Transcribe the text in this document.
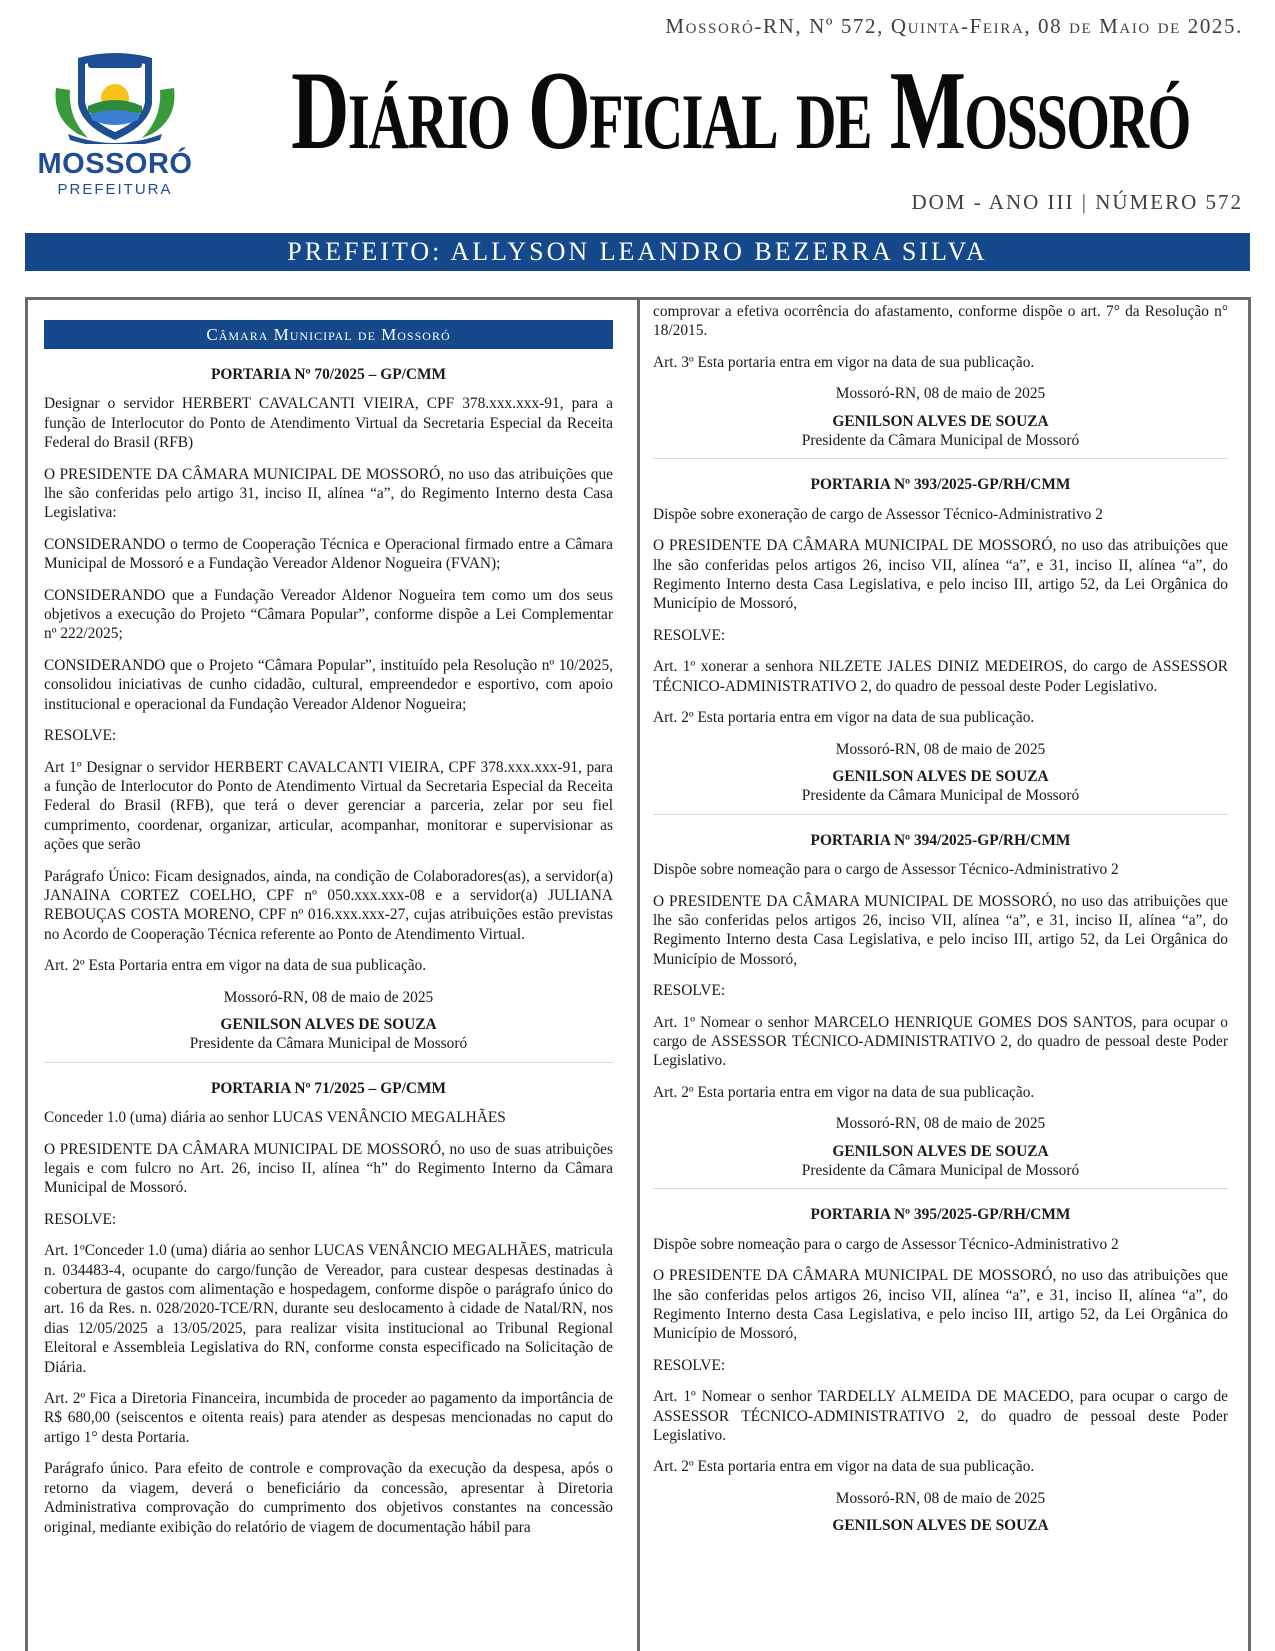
Mossoró-RN, Nº 572, Quinta-Feira, 08 de Maio de 2025.
MOSSORÓ
PREFEITURA
Diário Oficial de Mossoró
DOM - ANO III | NÚMERO 572
PREFEITO: ALLYSON LEANDRO BEZERRA SILVA
Câmara Municipal de Mossoró
PORTARIA Nº 70/2025 – GP/CMM
Designar o servidor HERBERT CAVALCANTI VIEIRA, CPF 378.xxx.xxx-91, para a função de Interlocutor do Ponto de Atendimento Virtual da Secretaria Especial da Receita Federal do Brasil (RFB)
O PRESIDENTE DA CÂMARA MUNICIPAL DE MOSSORÓ, no uso das atribuições que lhe são conferidas pelo artigo 31, inciso II, alínea “a”, do Regimento Interno desta Casa Legislativa:
CONSIDERANDO o termo de Cooperação Técnica e Operacional firmado entre a Câmara Municipal de Mossoró e a Fundação Vereador Aldenor Nogueira (FVAN);
CONSIDERANDO que a Fundação Vereador Aldenor Nogueira tem como um dos seus objetivos a execução do Projeto “Câmara Popular”, conforme dispõe a Lei Complementar nº 222/2025;
CONSIDERANDO que o Projeto “Câmara Popular”, instituído pela Resolução nº 10/2025, consolidou iniciativas de cunho cidadão, cultural, empreendedor e esportivo, com apoio institucional e operacional da Fundação Vereador Aldenor Nogueira;
RESOLVE:
Art 1º Designar o servidor HERBERT CAVALCANTI VIEIRA, CPF 378.xxx.xxx-91, para a função de Interlocutor do Ponto de Atendimento Virtual da Secretaria Especial da Receita Federal do Brasil (RFB), que terá o dever gerenciar a parceria, zelar por seu fiel cumprimento, coordenar, organizar, articular, acompanhar, monitorar e supervisionar as ações que serão
Parágrafo Único: Ficam designados, ainda, na condição de Colaboradores(as), a servidor(a) JANAINA CORTEZ COELHO, CPF nº 050.xxx.xxx-08 e a servidor(a) JULIANA REBOUÇAS COSTA MORENO, CPF nº 016.xxx.xxx-27, cujas atribuições estão previstas no Acordo de Cooperação Técnica referente ao Ponto de Atendimento Virtual.
Art. 2º Esta Portaria entra em vigor na data de sua publicação.
Mossoró-RN, 08 de maio de 2025
GENILSON ALVES DE SOUZA
Presidente da Câmara Municipal de Mossoró
PORTARIA Nº 71/2025 – GP/CMM
Conceder 1.0 (uma) diária ao senhor LUCAS VENÂNCIO MEGALHÃES
O PRESIDENTE DA CÂMARA MUNICIPAL DE MOSSORÓ, no uso de suas atribuições legais e com fulcro no Art. 26, inciso II, alínea “h” do Regimento Interno da Câmara Municipal de Mossoró.
RESOLVE:
Art. 1ºConceder 1.0 (uma) diária ao senhor LUCAS VENÂNCIO MEGALHÃES, matricula n. 034483-4, ocupante do cargo/função de Vereador, para custear despesas destinadas à cobertura de gastos com alimentação e hospedagem, conforme dispõe o parágrafo único do art. 16 da Res. n. 028/2020-TCE/RN, durante seu deslocamento à cidade de Natal/RN, nos dias 12/05/2025 a 13/05/2025, para realizar visita institucional ao Tribunal Regional Eleitoral e Assembleia Legislativa do RN, conforme consta especificado na Solicitação de Diária.
Art. 2º Fica a Diretoria Financeira, incumbida de proceder ao pagamento da importância de R$ 680,00 (seiscentos e oitenta reais) para atender as despesas mencionadas no caput do artigo 1° desta Portaria.
Parágrafo único. Para efeito de controle e comprovação da execução da despesa, após o retorno da viagem, deverá o beneficiário da concessão, apresentar à Diretoria Administrativa comprovação do cumprimento dos objetivos constantes na concessão original, mediante exibição do relatório de viagem de documentação hábil para
comprovar a efetiva ocorrência do afastamento, conforme dispõe o art. 7° da Resolução n° 18/2015.
Art. 3º Esta portaria entra em vigor na data de sua publicação.
Mossoró-RN, 08 de maio de 2025
GENILSON ALVES DE SOUZA
Presidente da Câmara Municipal de Mossoró
PORTARIA Nº 393/2025-GP/RH/CMM
Dispõe sobre exoneração de cargo de Assessor Técnico-Administrativo 2
O PRESIDENTE DA CÂMARA MUNICIPAL DE MOSSORÓ, no uso das atribuições que lhe são conferidas pelos artigos 26, inciso VII, alínea “a”, e 31, inciso II, alínea “a”, do Regimento Interno desta Casa Legislativa, e pelo inciso III, artigo 52, da Lei Orgânica do Município de Mossoró,
RESOLVE:
Art. 1º xonerar a senhora NILZETE JALES DINIZ MEDEIROS, do cargo de ASSESSOR TÉCNICO-ADMINISTRATIVO 2, do quadro de pessoal deste Poder Legislativo.
Art. 2º Esta portaria entra em vigor na data de sua publicação.
Mossoró-RN, 08 de maio de 2025
GENILSON ALVES DE SOUZA
Presidente da Câmara Municipal de Mossoró
PORTARIA Nº 394/2025-GP/RH/CMM
Dispõe sobre nomeação para o cargo de Assessor Técnico-Administrativo 2
O PRESIDENTE DA CÂMARA MUNICIPAL DE MOSSORÓ, no uso das atribuições que lhe são conferidas pelos artigos 26, inciso VII, alínea “a”, e 31, inciso II, alínea “a”, do Regimento Interno desta Casa Legislativa, e pelo inciso III, artigo 52, da Lei Orgânica do Município de Mossoró,
RESOLVE:
Art. 1º Nomear o senhor MARCELO HENRIQUE GOMES DOS SANTOS, para ocupar o cargo de ASSESSOR TÉCNICO-ADMINISTRATIVO 2, do quadro de pessoal deste Poder Legislativo.
Art. 2º Esta portaria entra em vigor na data de sua publicação.
Mossoró-RN, 08 de maio de 2025
GENILSON ALVES DE SOUZA
Presidente da Câmara Municipal de Mossoró
PORTARIA Nº 395/2025-GP/RH/CMM
Dispõe sobre nomeação para o cargo de Assessor Técnico-Administrativo 2
O PRESIDENTE DA CÂMARA MUNICIPAL DE MOSSORÓ, no uso das atribuições que lhe são conferidas pelos artigos 26, inciso VII, alínea “a”, e 31, inciso II, alínea “a”, do Regimento Interno desta Casa Legislativa, e pelo inciso III, artigo 52, da Lei Orgânica do Município de Mossoró,
RESOLVE:
Art. 1º Nomear o senhor TARDELLY ALMEIDA DE MACEDO, para ocupar o cargo de ASSESSOR TÉCNICO-ADMINISTRATIVO 2, do quadro de pessoal deste Poder Legislativo.
Art. 2º Esta portaria entra em vigor na data de sua publicação.
Mossoró-RN, 08 de maio de 2025
GENILSON ALVES DE SOUZA
